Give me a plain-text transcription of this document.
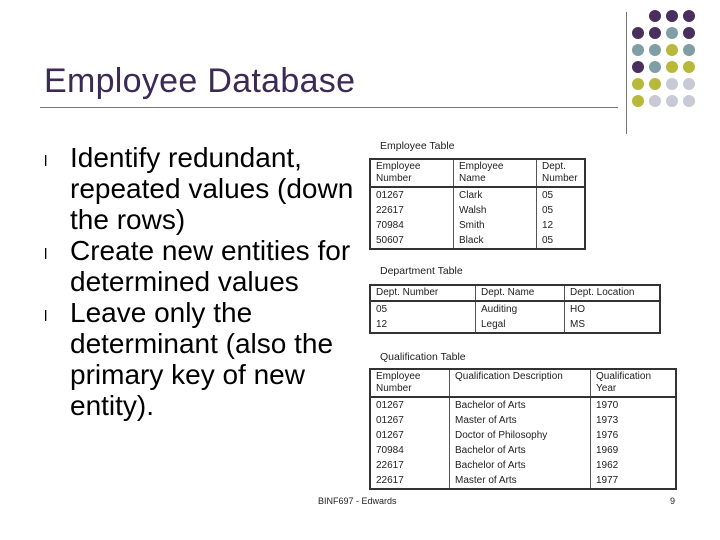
Employee Database
l Identify redundant, repeated values (down the rows)
l Create new entities for determined values
l Leave only the determinant (also the primary key of new entity).
Employee Table
Employee Number	Employee Name	Dept. Number
01267	Clark	05
22617	Walsh	05
70984	Smith	12
50607	Black	05
Department Table
Dept. Number	Dept. Name	Dept. Location
05	Auditing	HO
12	Legal	MS
Qualification Table
Employee Number	Qualification Description	Qualification Year
01267	Bachelor of Arts	1970
01267	Master of Arts	1973
01267	Doctor of Philosophy	1976
70984	Bachelor of Arts	1969
22617	Bachelor of Arts	1962
22617	Master of Arts	1977
BINF697 - Edwards	9
